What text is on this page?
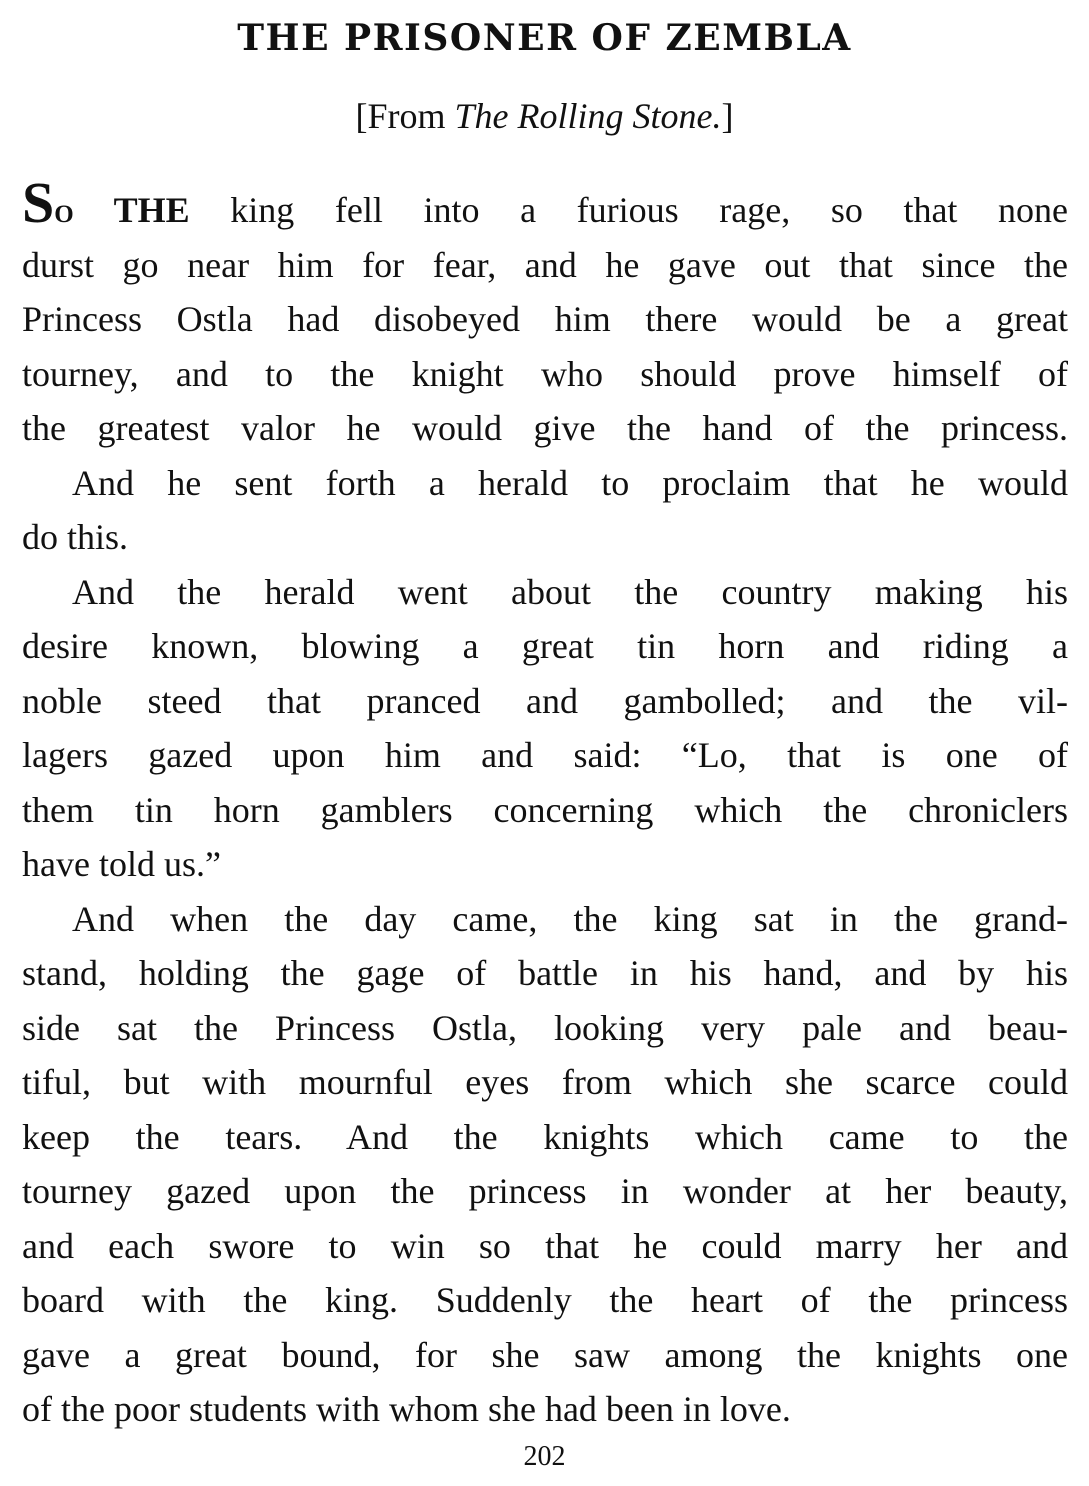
THE PRISONER OF ZEMBLA
[From The Rolling Stone.]
So THE king fell into a furious rage, so that none
durst go near him for fear, and he gave out that since the
Princess Ostla had disobeyed him there would be a great
tourney, and to the knight who should prove himself of
the greatest valor he would give the hand of the princess.
And he sent forth a herald to proclaim that he would
do this.
And the herald went about the country making his
desire known, blowing a great tin horn and riding a
noble steed that pranced and gambolled; and the vil-
lagers gazed upon him and said: “Lo, that is one of
them tin horn gamblers concerning which the chroniclers
have told us.”
And when the day came, the king sat in the grand-
stand, holding the gage of battle in his hand, and by his
side sat the Princess Ostla, looking very pale and beau-
tiful, but with mournful eyes from which she scarce could
keep the tears. And the knights which came to the
tourney gazed upon the princess in wonder at her beauty,
and each swore to win so that he could marry her and
board with the king. Suddenly the heart of the princess
gave a great bound, for she saw among the knights one
of the poor students with whom she had been in love.
202
